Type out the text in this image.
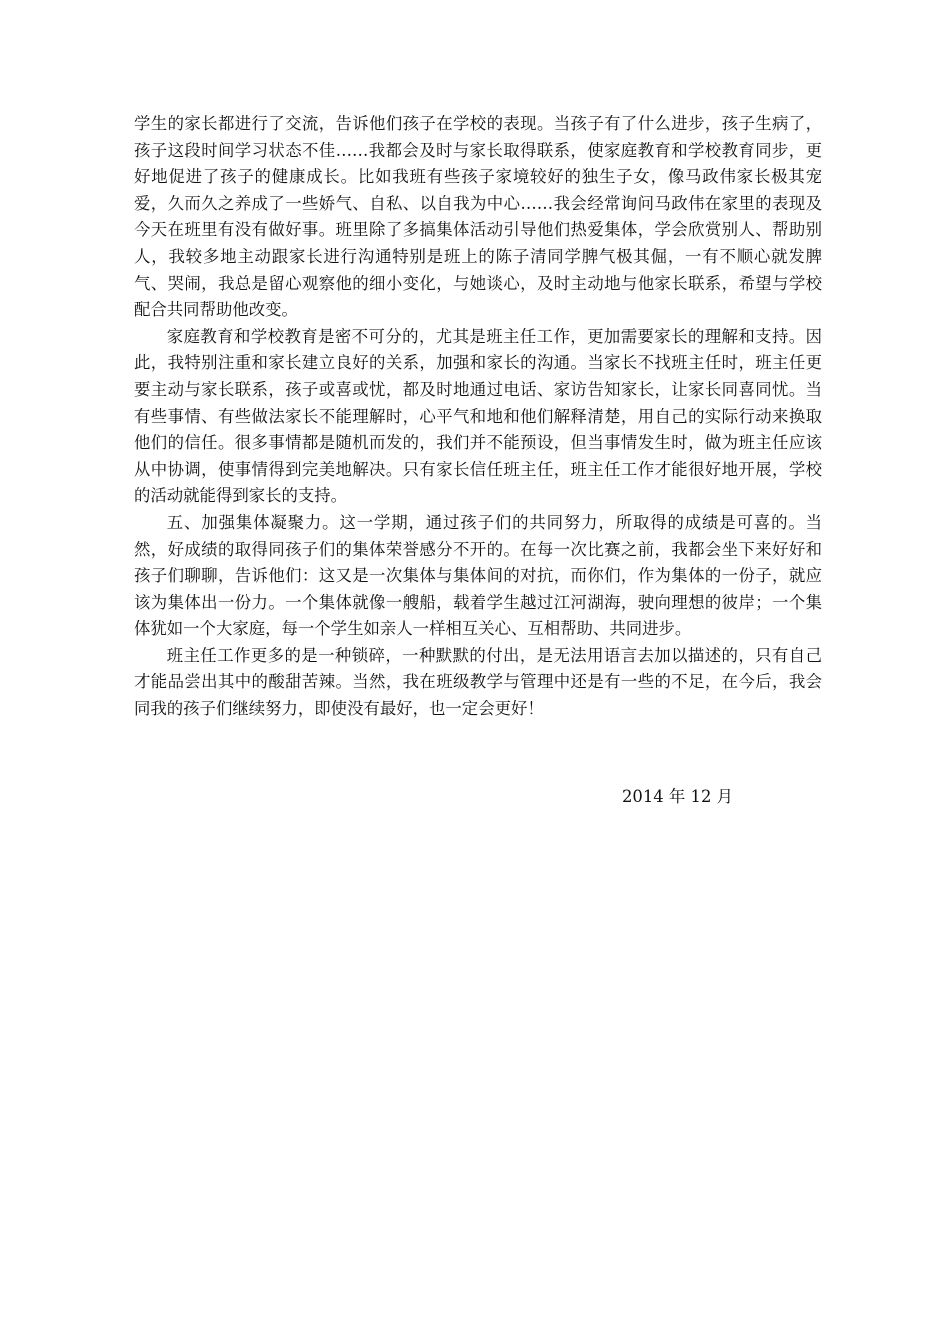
学生的家长都进行了交流，告诉他们孩子在学校的表现。当孩子有了什么进步，孩子生病了，孩子这段时间学习状态不佳……我都会及时与家长取得联系，使家庭教育和学校教育同步，更好地促进了孩子的健康成长。比如我班有些孩子家境较好的独生子女，像马政伟家长极其宠爱，久而久之养成了一些娇气、自私、以自我为中心……我会经常询问马政伟在家里的表现及今天在班里有没有做好事。班里除了多搞集体活动引导他们热爱集体，学会欣赏别人、帮助别人，我较多地主动跟家长进行沟通特别是班上的陈子清同学脾气极其倔，一有不顺心就发脾气、哭闹，我总是留心观察他的细小变化，与她谈心，及时主动地与他家长联系，希望与学校配合共同帮助他改变。

家庭教育和学校教育是密不可分的，尤其是班主任工作，更加需要家长的理解和支持。因此，我特别注重和家长建立良好的关系，加强和家长的沟通。当家长不找班主任时，班主任更要主动与家长联系，孩子或喜或忧，都及时地通过电话、家访告知家长，让家长同喜同忧。当有些事情、有些做法家长不能理解时，心平气和地和他们解释清楚，用自己的实际行动来换取他们的信任。很多事情都是随机而发的，我们并不能预设，但当事情发生时，做为班主任应该从中协调，使事情得到完美地解决。只有家长信任班主任，班主任工作才能很好地开展，学校的活动就能得到家长的支持。

五、加强集体凝聚力。这一学期，通过孩子们的共同努力，所取得的成绩是可喜的。当然，好成绩的取得同孩子们的集体荣誉感分不开的。在每一次比赛之前，我都会坐下来好好和孩子们聊聊，告诉他们：这又是一次集体与集体间的对抗，而你们，作为集体的一份子，就应该为集体出一份力。一个集体就像一艘船，载着学生越过江河湖海，驶向理想的彼岸；一个集体犹如一个大家庭，每一个学生如亲人一样相互关心、互相帮助、共同进步。

班主任工作更多的是一种锁碎，一种默默的付出，是无法用语言去加以描述的，只有自己才能品尝出其中的酸甜苦辣。当然，我在班级教学与管理中还是有一些的不足，在今后，我会同我的孩子们继续努力，即使没有最好，也一定会更好！

2014 年 12 月
